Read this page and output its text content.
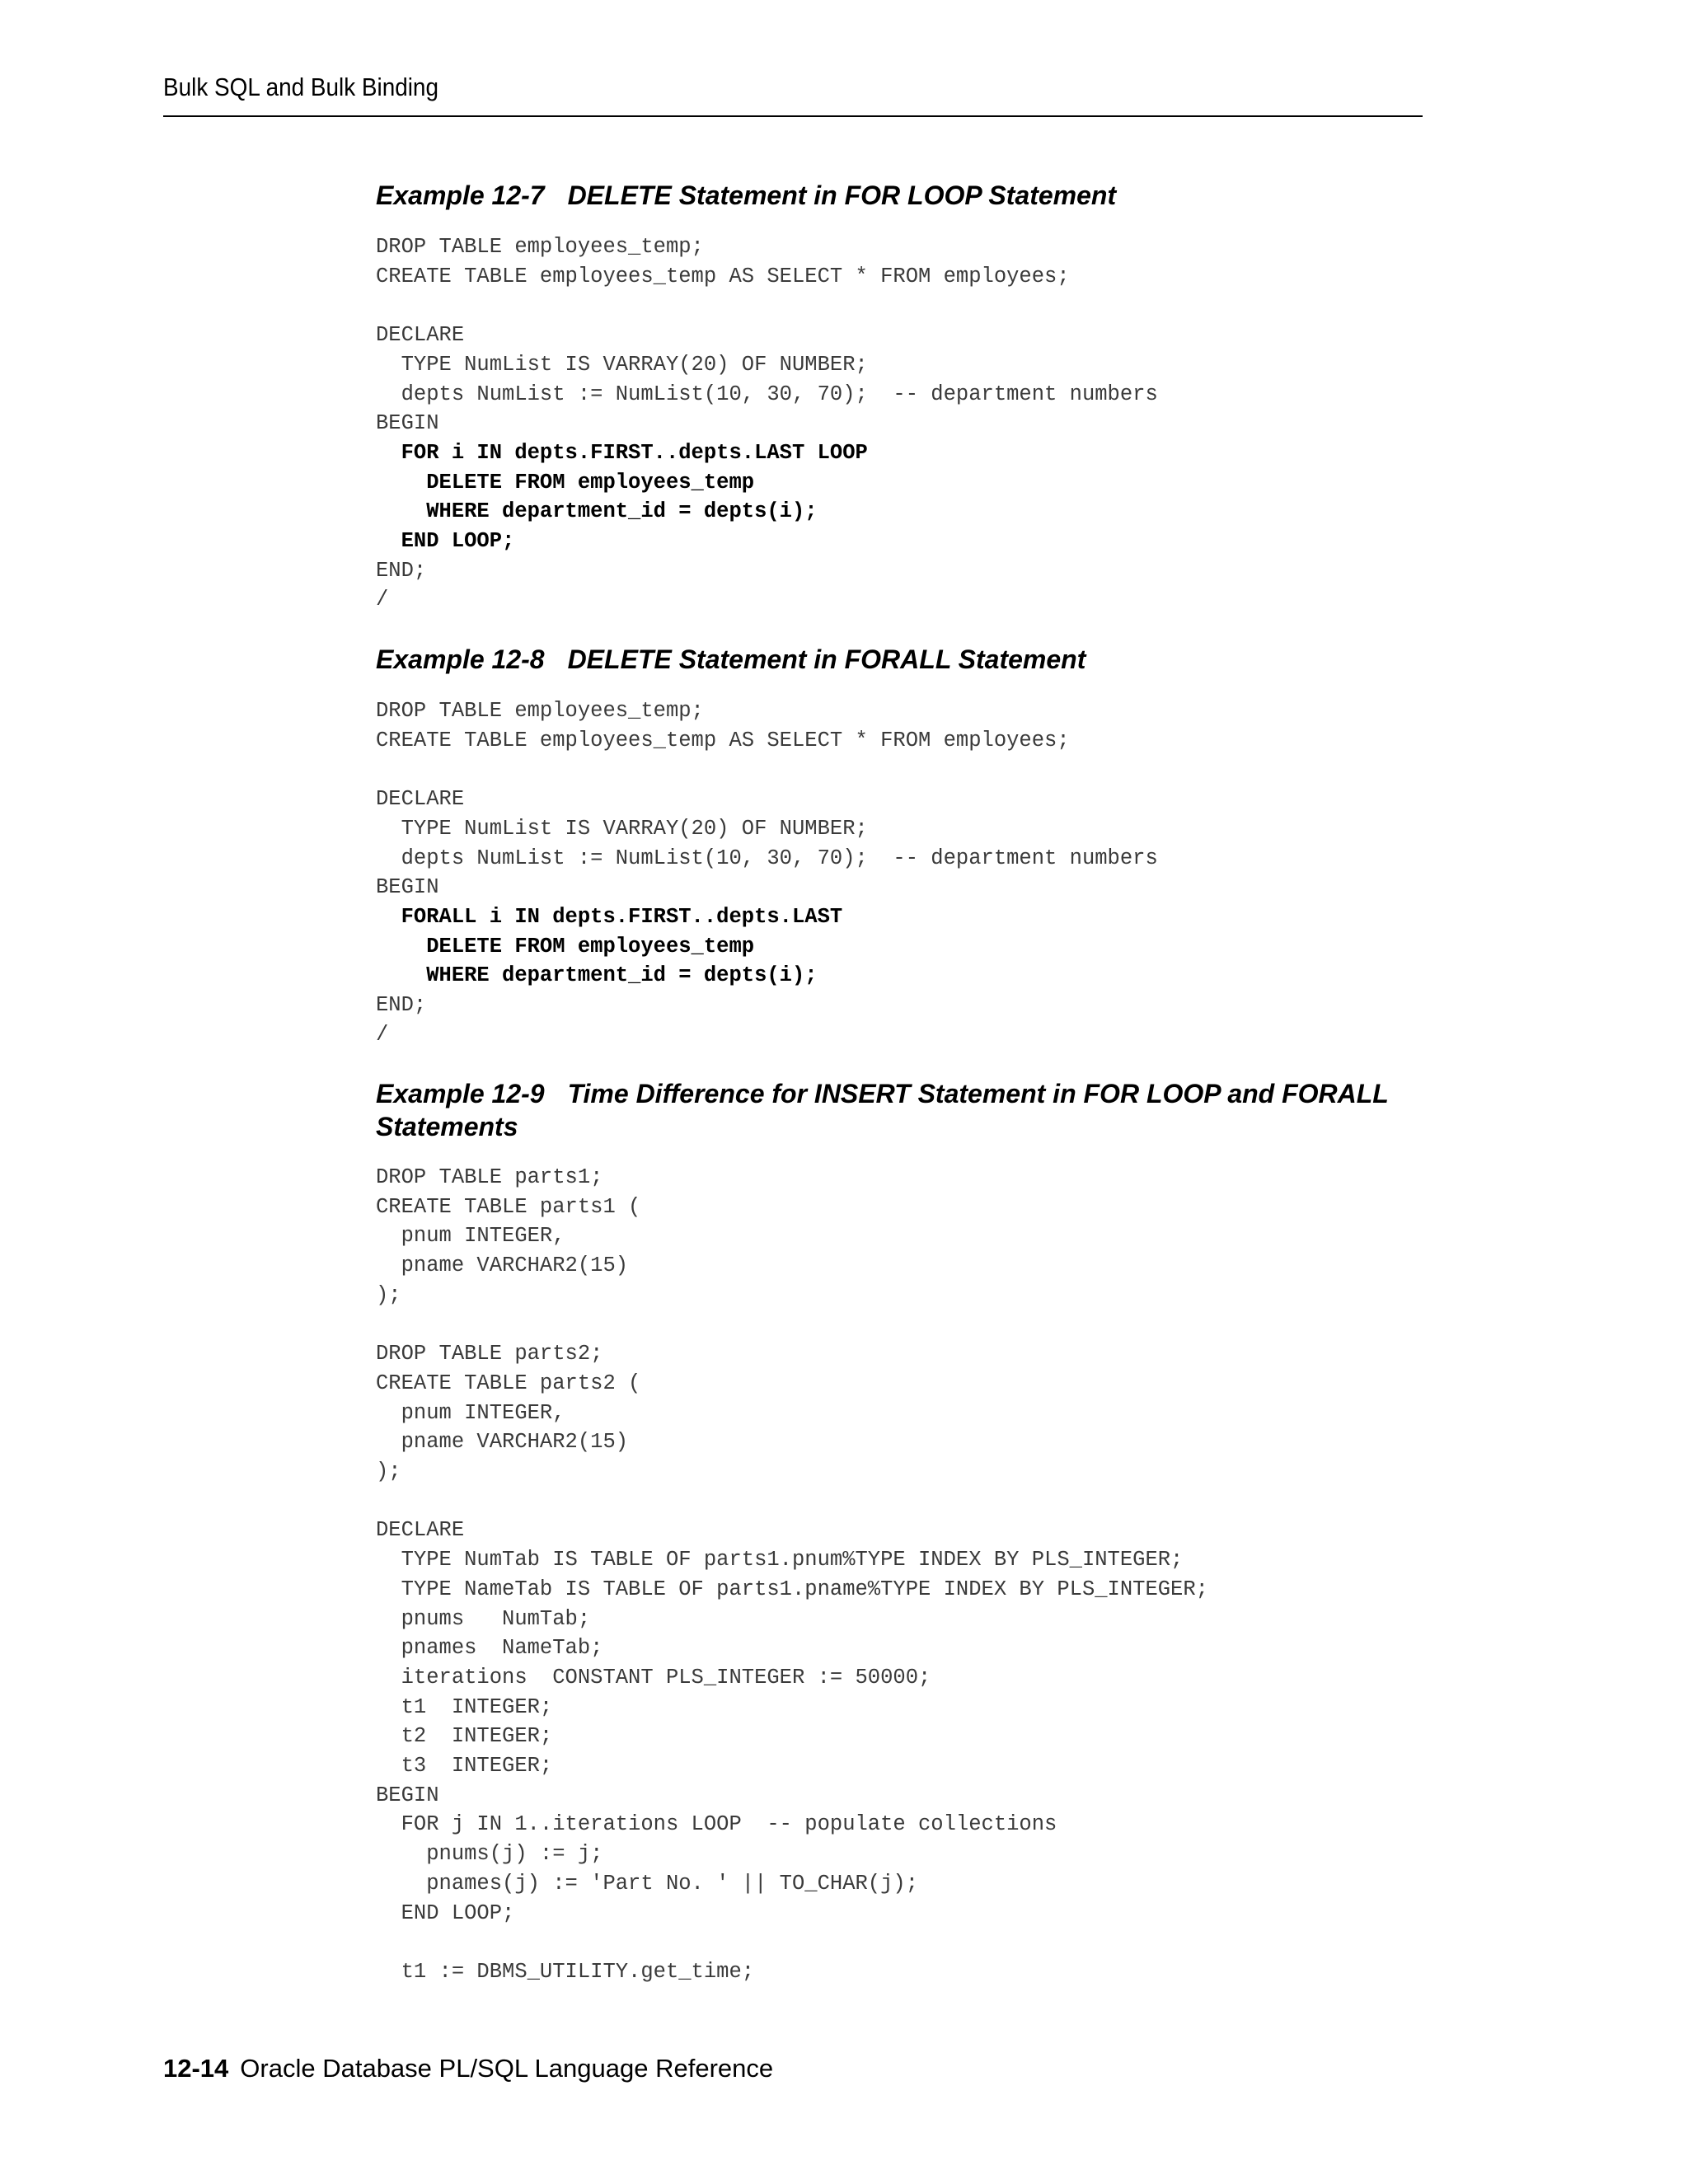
Bulk SQL and Bulk Binding
Example 12-7 DELETE Statement in FOR LOOP Statement
DROP TABLE employees_temp;
CREATE TABLE employees_temp AS SELECT * FROM employees;
DECLARE
TYPE NumList IS VARRAY(20) OF NUMBER;
depts NumList := NumList(10, 30, 70);  -- department numbers
BEGIN
FOR i IN depts.FIRST..depts.LAST LOOP
DELETE FROM employees_temp
WHERE department_id = depts(i);
END LOOP;
END;
/
Example 12-8 DELETE Statement in FORALL Statement
DROP TABLE employees_temp;
CREATE TABLE employees_temp AS SELECT * FROM employees;
DECLARE
TYPE NumList IS VARRAY(20) OF NUMBER;
depts NumList := NumList(10, 30, 70);  -- department numbers
BEGIN
FORALL i IN depts.FIRST..depts.LAST
DELETE FROM employees_temp
WHERE department_id = depts(i);
END;
/
Example 12-9 Time Difference for INSERT Statement in FOR LOOP and FORALL
Statements
DROP TABLE parts1;
CREATE TABLE parts1 (
pnum INTEGER,
pname VARCHAR2(15)
);
DROP TABLE parts2;
CREATE TABLE parts2 (
pnum INTEGER,
pname VARCHAR2(15)
);
DECLARE
TYPE NumTab IS TABLE OF parts1.pnum%TYPE INDEX BY PLS_INTEGER;
TYPE NameTab IS TABLE OF parts1.pname%TYPE INDEX BY PLS_INTEGER;
pnums   NumTab;
pnames  NameTab;
iterations  CONSTANT PLS_INTEGER := 50000;
t1  INTEGER;
t2  INTEGER;
t3  INTEGER;
BEGIN
FOR j IN 1..iterations LOOP  -- populate collections
pnums(j) := j;
pnames(j) := 'Part No. ' || TO_CHAR(j);
END LOOP;
t1 := DBMS_UTILITY.get_time;
12-14 Oracle Database PL/SQL Language Reference
